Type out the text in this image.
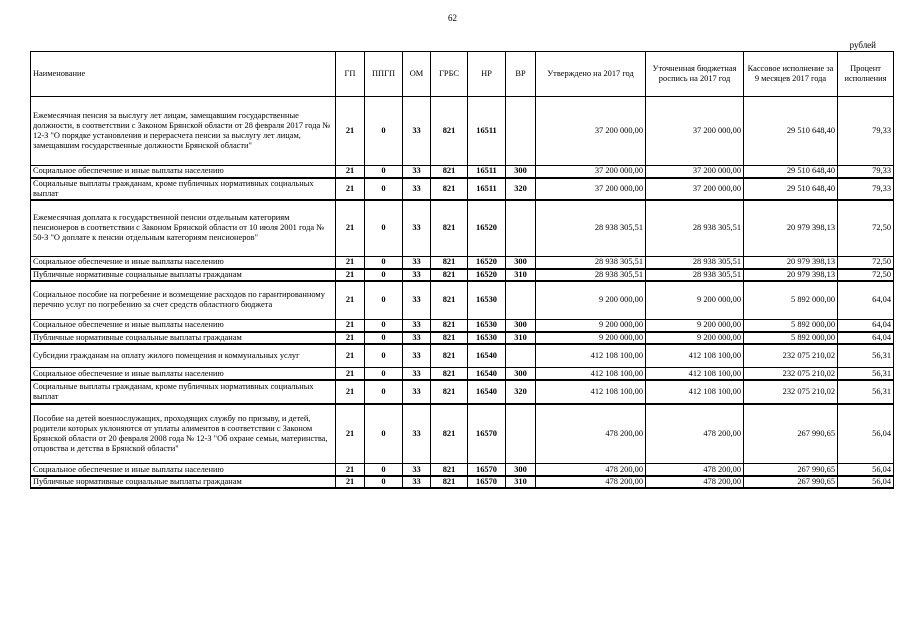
62
рублей
Наименование	ГП	ППГП	ОМ	ГРБС	НР	ВР	Утверждено на 2017 год	Уточненная бюджетная роспись на 2017 год	Кассовое исполнение за 9 месяцев 2017 года	Процент исполнения
Ежемесячная пенсия за выслугу лет лицам, замещавшим государственные должности, в соответствии с Законом Брянской области от 28 февраля 2017 года № 12-З "О порядке установления и перерасчета пенсии за выслугу лет лицам, замещавшим государственные должности Брянской области"	21	0	33	821	16511		37 200 000,00	37 200 000,00	29 510 648,40	79,33
Социальное обеспечение и иные выплаты населению	21	0	33	821	16511	300	37 200 000,00	37 200 000,00	29 510 648,40	79,33
Социальные выплаты гражданам, кроме публичных нормативных социальных выплат	21	0	33	821	16511	320	37 200 000,00	37 200 000,00	29 510 648,40	79,33
Ежемесячная доплата к государственной пенсии отдельным категориям пенсионеров в соответствии с Законом Брянской области от 10 июля 2001 года № 50-З "О доплате к пенсии отдельным категориям пенсионеров"	21	0	33	821	16520		28 938 305,51	28 938 305,51	20 979 398,13	72,50
Социальное обеспечение и иные выплаты населению	21	0	33	821	16520	300	28 938 305,51	28 938 305,51	20 979 398,13	72,50
Публичные нормативные социальные выплаты гражданам	21	0	33	821	16520	310	28 938 305,51	28 938 305,51	20 979 398,13	72,50
Социальное пособие на погребение и возмещение расходов по гарантированному перечню услуг по погребению за счет средств областного бюджета	21	0	33	821	16530		9 200 000,00	9 200 000,00	5 892 000,00	64,04
Социальное обеспечение и иные выплаты населению	21	0	33	821	16530	300	9 200 000,00	9 200 000,00	5 892 000,00	64,04
Публичные нормативные социальные выплаты гражданам	21	0	33	821	16530	310	9 200 000,00	9 200 000,00	5 892 000,00	64,04
Субсидии гражданам на оплату жилого помещения и коммунальных услуг	21	0	33	821	16540		412 108 100,00	412 108 100,00	232 075 210,02	56,31
Социальное обеспечение и иные выплаты населению	21	0	33	821	16540	300	412 108 100,00	412 108 100,00	232 075 210,02	56,31
Социальные выплаты гражданам, кроме публичных нормативных социальных выплат	21	0	33	821	16540	320	412 108 100,00	412 108 100,00	232 075 210,02	56,31
Пособие на детей военнослужащих, проходящих службу по призыву, и детей, родители которых уклоняются от уплаты алиментов в соответствии с Законом Брянской области от 20 февраля 2008 года № 12-З "Об охране семьи, материнства, отцовства и детства в Брянской области"	21	0	33	821	16570		478 200,00	478 200,00	267 990,65	56,04
Социальное обеспечение и иные выплаты населению	21	0	33	821	16570	300	478 200,00	478 200,00	267 990,65	56,04
Публичные нормативные социальные выплаты гражданам	21	0	33	821	16570	310	478 200,00	478 200,00	267 990,65	56,04
